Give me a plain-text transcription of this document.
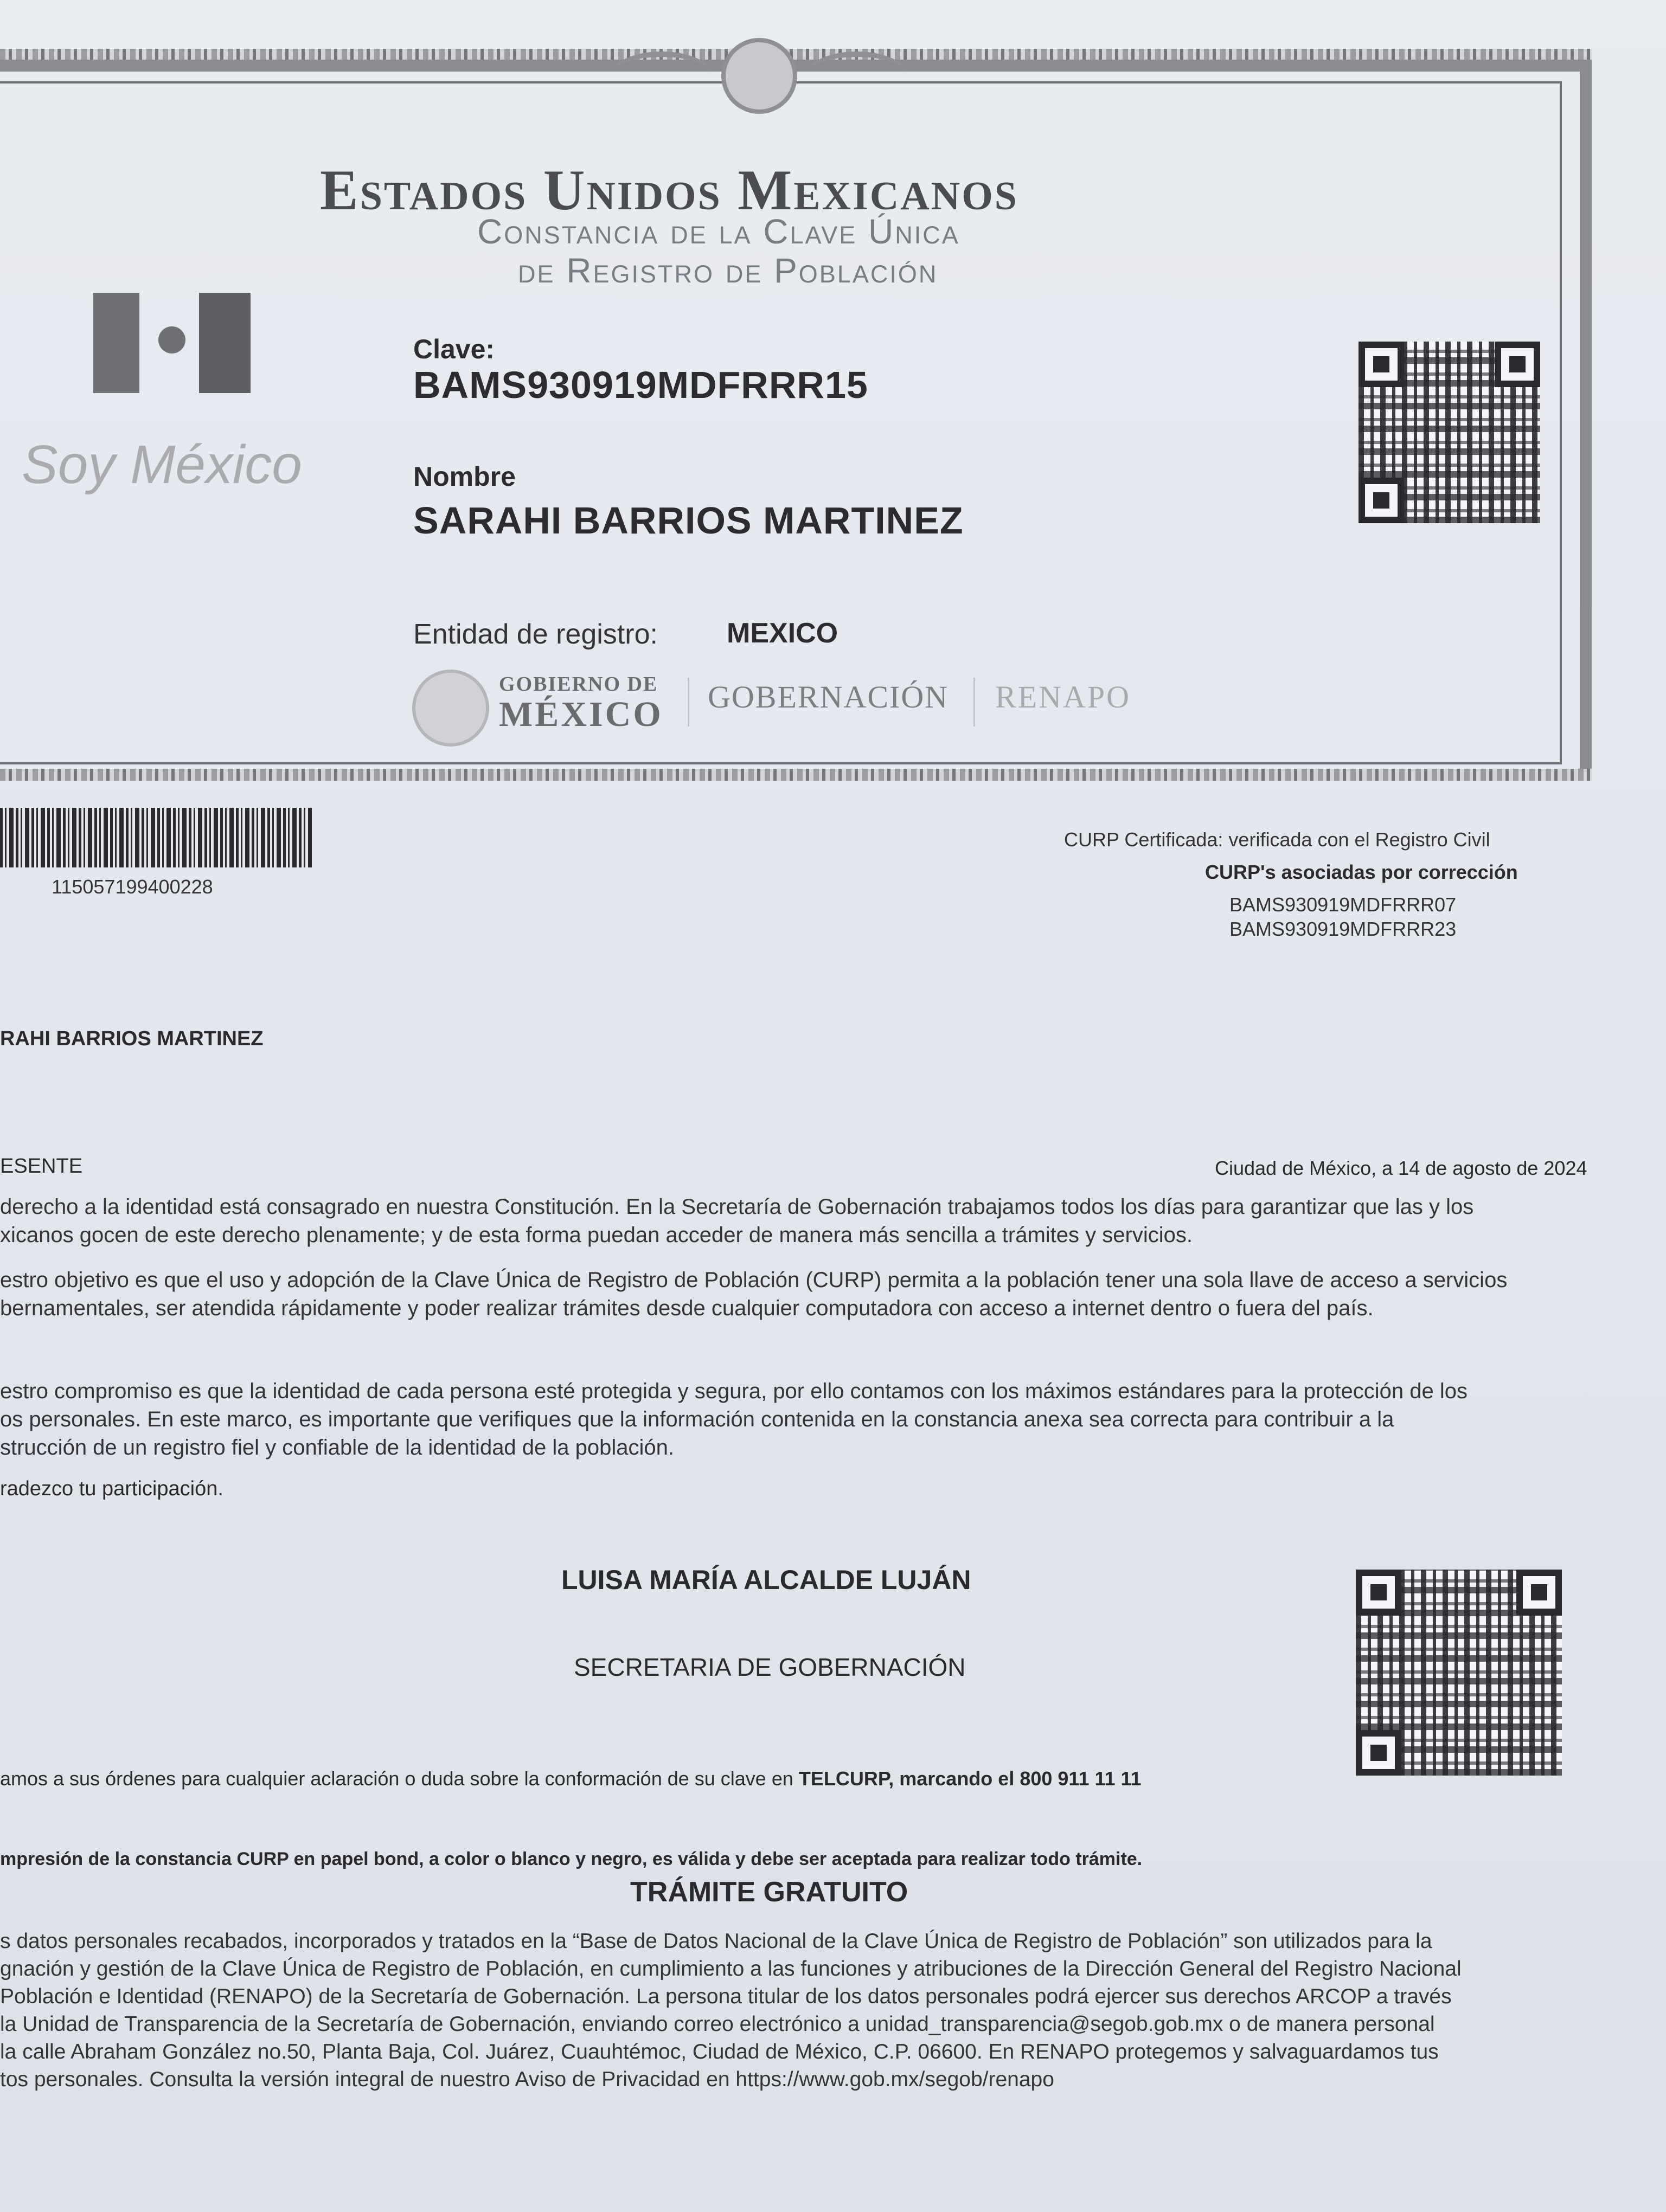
Estados Unidos Mexicanos
Constancia de la Clave Única
de Registro de Población
Soy México
Clave:
BAMS930919MDFRRR15
Nombre
SARAHI BARRIOS MARTINEZ
Entidad de registro: MEXICO
GOBIERNO DE
MÉXICO GOBERNACIÓN RENAPO
115057199400228
CURP Certificada: verificada con el Registro Civil
CURP's asociadas por corrección
BAMS930919MDFRRR07
BAMS930919MDFRRR23
RAHI BARRIOS MARTINEZ
ESENTE	Ciudad de México, a 14 de agosto de 2024
derecho a la identidad está consagrado en nuestra Constitución. En la Secretaría de Gobernación trabajamos todos los días para garantizar que las y los
xicanos gocen de este derecho plenamente; y de esta forma puedan acceder de manera más sencilla a trámites y servicios.
estro objetivo es que el uso y adopción de la Clave Única de Registro de Población (CURP) permita a la población tener una sola llave de acceso a servicios
bernamentales, ser atendida rápidamente y poder realizar trámites desde cualquier computadora con acceso a internet dentro o fuera del país.
estro compromiso es que la identidad de cada persona esté protegida y segura, por ello contamos con los máximos estándares para la protección de los
os personales. En este marco, es importante que verifiques que la información contenida en la constancia anexa sea correcta para contribuir a la
strucción de un registro fiel y confiable de la identidad de la población.
radezco tu participación.
LUISA MARÍA ALCALDE LUJÁN
SECRETARIA DE GOBERNACIÓN
amos a sus órdenes para cualquier aclaración o duda sobre la conformación de su clave en TELCURP, marcando el 800 911 11 11
mpresión de la constancia CURP en papel bond, a color o blanco y negro, es válida y debe ser aceptada para realizar todo trámite.
TRÁMITE GRATUITO
s datos personales recabados, incorporados y tratados en la “Base de Datos Nacional de la Clave Única de Registro de Población” son utilizados para la
gnación y gestión de la Clave Única de Registro de Población, en cumplimiento a las funciones y atribuciones de la Dirección General del Registro Nacional
Población e Identidad (RENAPO) de la Secretaría de Gobernación. La persona titular de los datos personales podrá ejercer sus derechos ARCOP a través
la Unidad de Transparencia de la Secretaría de Gobernación, enviando correo electrónico a unidad_transparencia@segob.gob.mx o de manera personal
la calle Abraham González no.50, Planta Baja, Col. Juárez, Cuauhtémoc, Ciudad de México, C.P. 06600. En RENAPO protegemos y salvaguardamos tus
tos personales. Consulta la versión integral de nuestro Aviso de Privacidad en https://www.gob.mx/segob/renapo
